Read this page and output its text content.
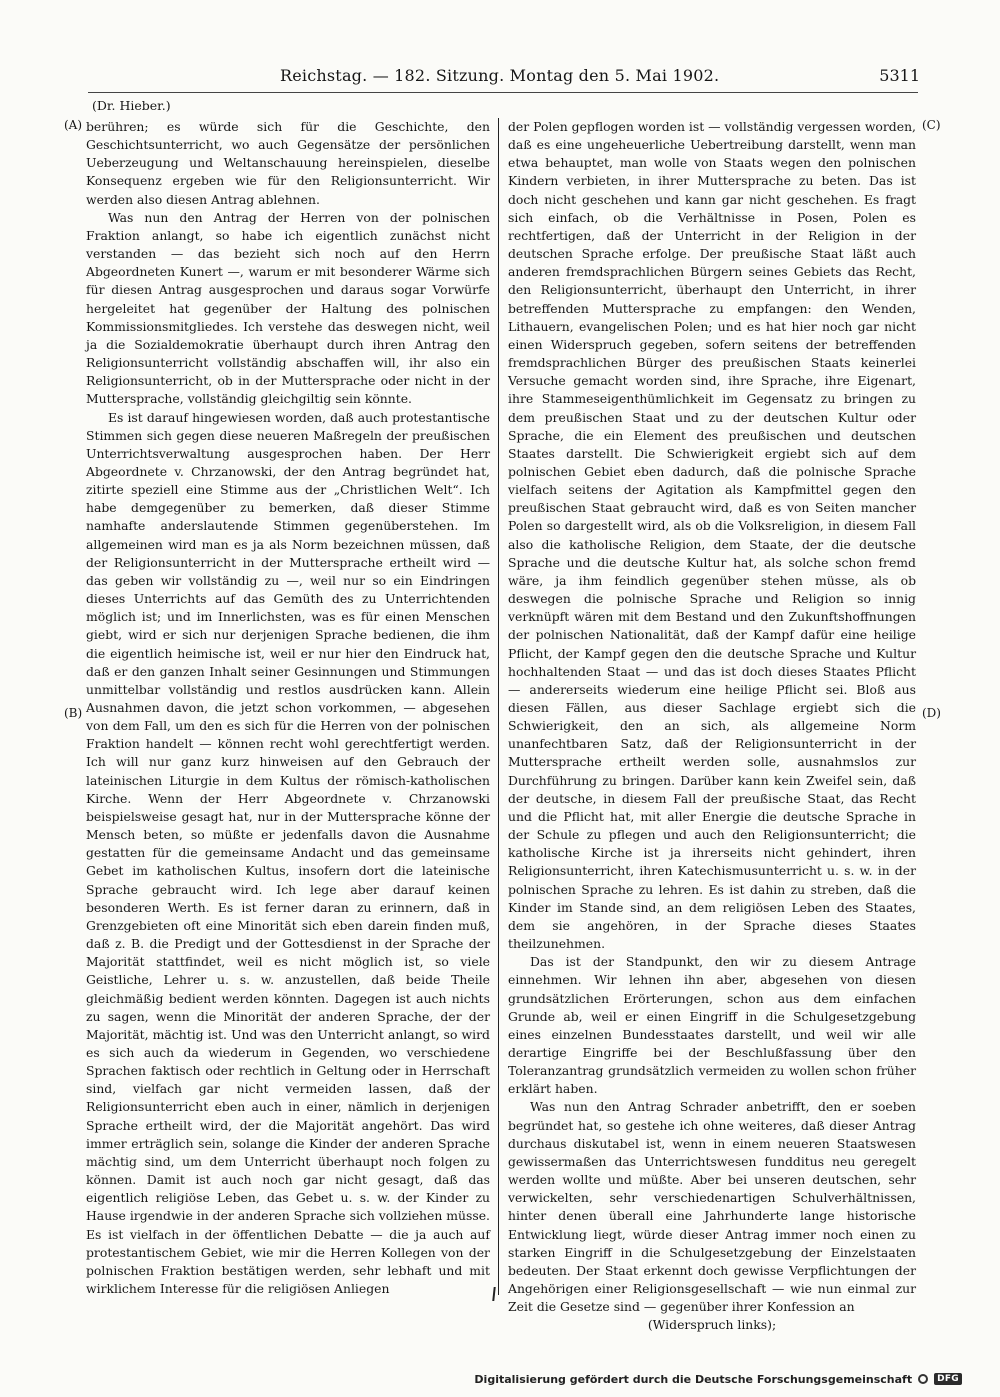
Reichstag. — 182. Sitzung. Montag den 5. Mai 1902.	5311
(Dr. Hieber.)
(A)
(B)
(C)
(D)

berühren; es würde sich für die Geschichte, den Geschichtsunterricht, wo auch Gegensätze der persönlichen Ueberzeugung und Weltanschauung hereinspielen, dieselbe Konsequenz ergeben wie für den Religionsunterricht. Wir werden also diesen Antrag ablehnen.

Was nun den Antrag der Herren von der polnischen Fraktion anlangt, so habe ich eigentlich zunächst nicht verstanden — das bezieht sich noch auf den Herrn Abgeordneten Kunert —, warum er mit besonderer Wärme sich für diesen Antrag ausgesprochen und daraus sogar Vorwürfe hergeleitet hat gegenüber der Haltung des polnischen Kommissionsmitgliedes. Ich verstehe das deswegen nicht, weil ja die Sozialdemokratie überhaupt durch ihren Antrag den Religionsunterricht vollständig abschaffen will, ihr also ein Religionsunterricht, ob in der Muttersprache oder nicht in der Muttersprache, vollständig gleichgiltig sein könnte.

Es ist darauf hingewiesen worden, daß auch protestantische Stimmen sich gegen diese neueren Maßregeln der preußischen Unterrichtsverwaltung ausgesprochen haben. Der Herr Abgeordnete v. Chrzanowski, der den Antrag begründet hat, zitirte speziell eine Stimme aus der „Christlichen Welt“. Ich habe demgegenüber zu bemerken, daß dieser Stimme namhafte anderslautende Stimmen gegenüberstehen. Im allgemeinen wird man es ja als Norm bezeichnen müssen, daß der Religionsunterricht in der Muttersprache ertheilt wird — das geben wir vollständig zu —, weil nur so ein Eindringen dieses Unterrichts auf das Gemüth des zu Unterrichtenden möglich ist; und im Innerlichsten, was es für einen Menschen giebt, wird er sich nur derjenigen Sprache bedienen, die ihm die eigentlich heimische ist, weil er nur hier den Eindruck hat, daß er den ganzen Inhalt seiner Gesinnungen und Stimmungen unmittelbar vollständig und restlos ausdrücken kann. Allein Ausnahmen davon, die jetzt schon vorkommen, — abgesehen von dem Fall, um den es sich für die Herren von der polnischen Fraktion handelt — können recht wohl gerechtfertigt werden. Ich will nur ganz kurz hinweisen auf den Gebrauch der lateinischen Liturgie in dem Kultus der römisch-katholischen Kirche. Wenn der Herr Abgeordnete v. Chrzanowski beispielsweise gesagt hat, nur in der Muttersprache könne der Mensch beten, so müßte er jedenfalls davon die Ausnahme gestatten für die gemeinsame Andacht und das gemeinsame Gebet im katholischen Kultus, insofern dort die lateinische Sprache gebraucht wird. Ich lege aber darauf keinen besonderen Werth. Es ist ferner daran zu erinnern, daß in Grenzgebieten oft eine Minorität sich eben darein finden muß, daß z. B. die Predigt und der Gottesdienst in der Sprache der Majorität stattfindet, weil es nicht möglich ist, so viele Geistliche, Lehrer u. s. w. anzustellen, daß beide Theile gleichmäßig bedient werden könnten. Dagegen ist auch nichts zu sagen, wenn die Minorität der anderen Sprache, der der Majorität, mächtig ist. Und was den Unterricht anlangt, so wird es sich auch da wiederum in Gegenden, wo verschiedene Sprachen faktisch oder rechtlich in Geltung oder in Herrschaft sind, vielfach gar nicht vermeiden lassen, daß der Religionsunterricht eben auch in einer, nämlich in derjenigen Sprache ertheilt wird, der die Majorität angehört. Das wird immer erträglich sein, solange die Kinder der anderen Sprache mächtig sind, um dem Unterricht überhaupt noch folgen zu können. Damit ist auch noch gar nicht gesagt, daß das eigentlich religiöse Leben, das Gebet u. s. w. der Kinder zu Hause irgendwie in der anderen Sprache sich vollziehen müsse. Es ist vielfach in der öffentlichen Debatte — die ja auch auf protestantischem Gebiet, wie mir die Herren Kollegen von der polnischen Fraktion bestätigen werden, sehr lebhaft und mit wirklichem Interesse für die religiösen Anliegen

der Polen gepflogen worden ist — vollständig vergessen worden, daß es eine ungeheuerliche Uebertreibung darstellt, wenn man etwa behauptet, man wolle von Staats wegen den polnischen Kindern verbieten, in ihrer Muttersprache zu beten. Das ist doch nicht geschehen und kann gar nicht geschehen. Es fragt sich einfach, ob die Verhältnisse in Posen, Polen es rechtfertigen, daß der Unterricht in der Religion in der deutschen Sprache erfolge. Der preußische Staat läßt auch anderen fremdsprachlichen Bürgern seines Gebiets das Recht, den Religionsunterricht, überhaupt den Unterricht, in ihrer betreffenden Muttersprache zu empfangen: den Wenden, Lithauern, evangelischen Polen; und es hat hier noch gar nicht einen Widerspruch gegeben, sofern seitens der betreffenden fremdsprachlichen Bürger des preußischen Staats keinerlei Versuche gemacht worden sind, ihre Sprache, ihre Eigenart, ihre Stammeseigenthümlichkeit im Gegensatz zu bringen zu dem preußischen Staat und zu der deutschen Kultur oder Sprache, die ein Element des preußischen und deutschen Staates darstellt. Die Schwierigkeit ergiebt sich auf dem polnischen Gebiet eben dadurch, daß die polnische Sprache vielfach seitens der Agitation als Kampfmittel gegen den preußischen Staat gebraucht wird, daß es von Seiten mancher Polen so dargestellt wird, als ob die Volksreligion, in diesem Fall also die katholische Religion, dem Staate, der die deutsche Sprache und die deutsche Kultur hat, als solche schon fremd wäre, ja ihm feindlich gegenüber stehen müsse, als ob deswegen die polnische Sprache und Religion so innig verknüpft wären mit dem Bestand und den Zukunftshoffnungen der polnischen Nationalität, daß der Kampf dafür eine heilige Pflicht, der Kampf gegen den die deutsche Sprache und Kultur hochhaltenden Staat — und das ist doch dieses Staates Pflicht — andererseits wiederum eine heilige Pflicht sei. Bloß aus diesen Fällen, aus dieser Sachlage ergiebt sich die Schwierigkeit, den an sich, als allgemeine Norm unanfechtbaren Satz, daß der Religionsunterricht in der Muttersprache ertheilt werden solle, ausnahmslos zur Durchführung zu bringen. Darüber kann kein Zweifel sein, daß der deutsche, in diesem Fall der preußische Staat, das Recht und die Pflicht hat, mit aller Energie die deutsche Sprache in der Schule zu pflegen und auch den Religionsunterricht; die katholische Kirche ist ja ihrerseits nicht gehindert, ihren Religionsunterricht, ihren Katechismusunterricht u. s. w. in der polnischen Sprache zu lehren. Es ist dahin zu streben, daß die Kinder im Stande sind, an dem religiösen Leben des Staates, dem sie angehören, in der Sprache dieses Staates theilzunehmen.

Das ist der Standpunkt, den wir zu diesem Antrage einnehmen. Wir lehnen ihn aber, abgesehen von diesen grundsätzlichen Erörterungen, schon aus dem einfachen Grunde ab, weil er einen Eingriff in die Schulgesetzgebung eines einzelnen Bundesstaates darstellt, und weil wir alle derartige Eingriffe bei der Beschlußfassung über den Toleranzantrag grundsätzlich vermeiden zu wollen schon früher erklärt haben.

Was nun den Antrag Schrader anbetrifft, den er soeben begründet hat, so gestehe ich ohne weiteres, daß dieser Antrag durchaus diskutabel ist, wenn in einem neueren Staatswesen gewissermaßen das Unterrichtswesen fundditus neu geregelt werden wollte und müßte. Aber bei unseren deutschen, sehr verwickelten, sehr verschiedenartigen Schulverhältnissen, hinter denen überall eine Jahrhunderte lange historische Entwicklung liegt, würde dieser Antrag immer noch einen zu starken Eingriff in die Schulgesetzgebung der Einzelstaaten bedeuten. Der Staat erkennt doch gewisse Verpflichtungen der Angehörigen einer Religionsgesellschaft — wie nun einmal zur Zeit die Gesetze sind — gegenüber ihrer Konfession an

(Widerspruch links);

Digitalisierung gefördert durch die Deutsche Forschungsgemeinschaft	DFG
